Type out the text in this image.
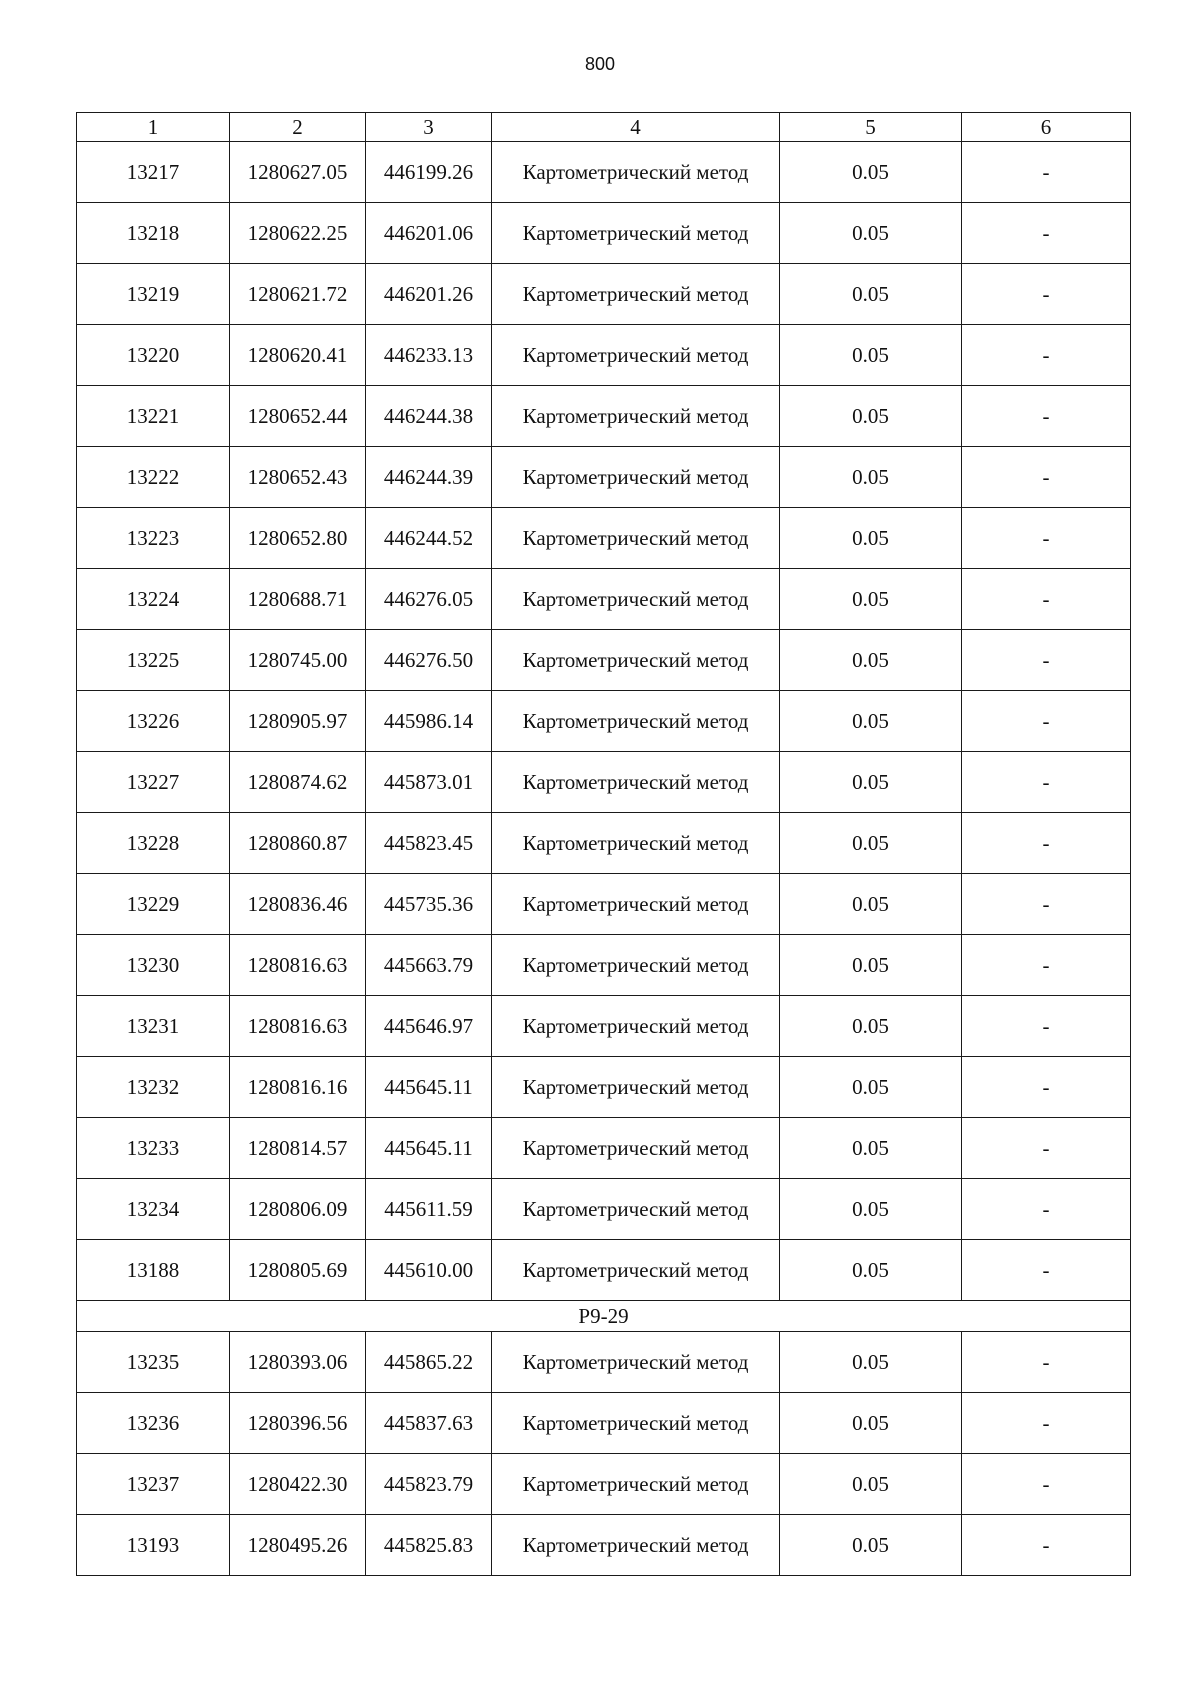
800
1	2	3	4	5	6
13217	1280627.05	446199.26	Картометрический метод	0.05	-
13218	1280622.25	446201.06	Картометрический метод	0.05	-
13219	1280621.72	446201.26	Картометрический метод	0.05	-
13220	1280620.41	446233.13	Картометрический метод	0.05	-
13221	1280652.44	446244.38	Картометрический метод	0.05	-
13222	1280652.43	446244.39	Картометрический метод	0.05	-
13223	1280652.80	446244.52	Картометрический метод	0.05	-
13224	1280688.71	446276.05	Картометрический метод	0.05	-
13225	1280745.00	446276.50	Картометрический метод	0.05	-
13226	1280905.97	445986.14	Картометрический метод	0.05	-
13227	1280874.62	445873.01	Картометрический метод	0.05	-
13228	1280860.87	445823.45	Картометрический метод	0.05	-
13229	1280836.46	445735.36	Картометрический метод	0.05	-
13230	1280816.63	445663.79	Картометрический метод	0.05	-
13231	1280816.63	445646.97	Картометрический метод	0.05	-
13232	1280816.16	445645.11	Картометрический метод	0.05	-
13233	1280814.57	445645.11	Картометрический метод	0.05	-
13234	1280806.09	445611.59	Картометрический метод	0.05	-
13188	1280805.69	445610.00	Картометрический метод	0.05	-
P9-29					
13235	1280393.06	445865.22	Картометрический метод	0.05	-
13236	1280396.56	445837.63	Картометрический метод	0.05	-
13237	1280422.30	445823.79	Картометрический метод	0.05	-
13193	1280495.26	445825.83	Картометрический метод	0.05	-
